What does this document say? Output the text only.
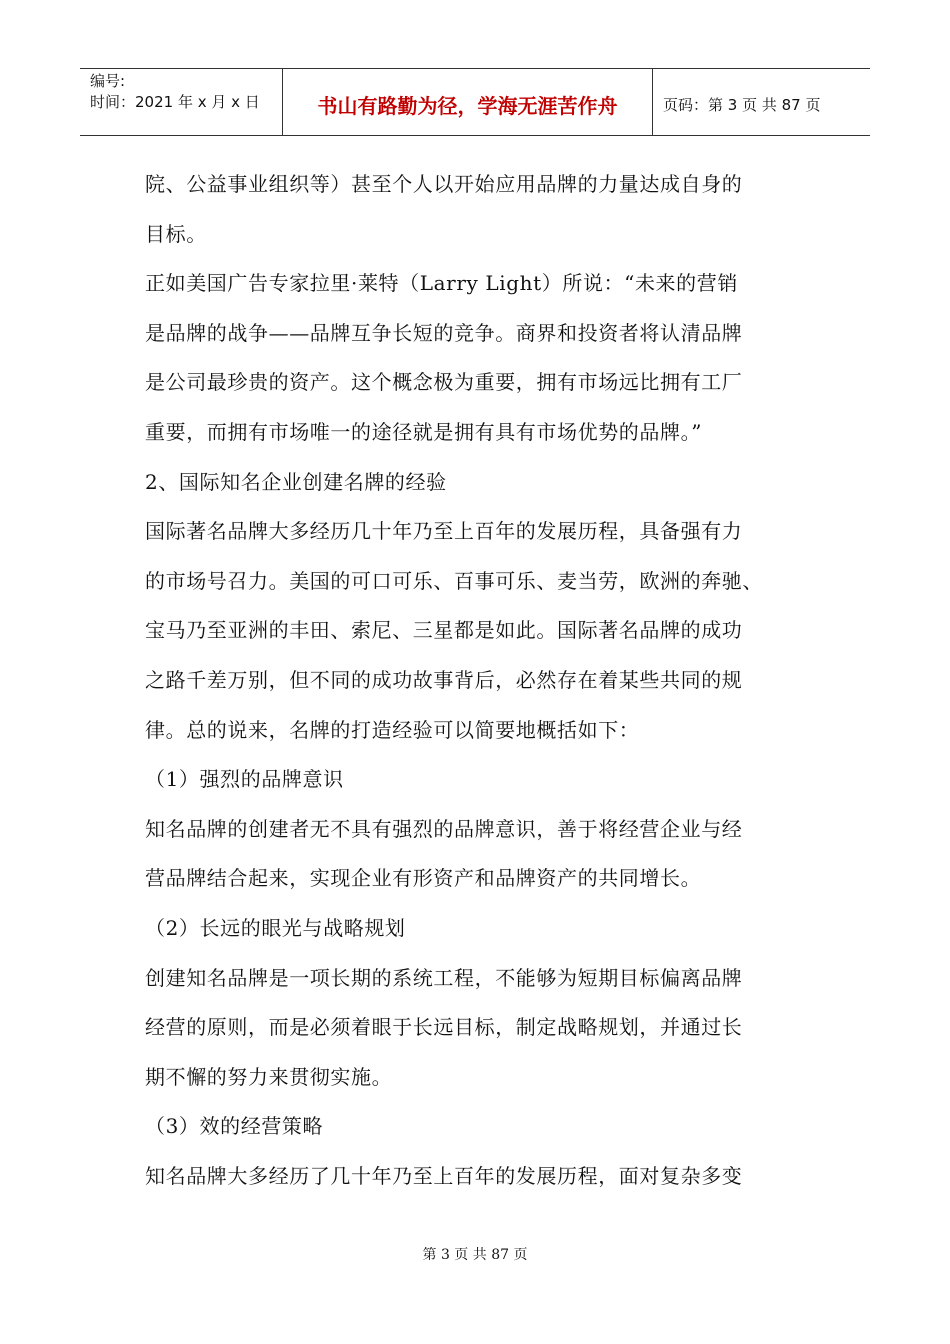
编号:
时间：2021 年 x 月 x 日	书山有路勤为径，学海无涯苦作舟	页码：第 3 页 共 87 页
院、公益事业组织等）甚至个人以开始应用品牌的力量达成自身的
目标。
正如美国广告专家拉里·莱特（Larry Light）所说：“未来的营销
是品牌的战争——品牌互争长短的竞争。商界和投资者将认清品牌
是公司最珍贵的资产。这个概念极为重要，拥有市场远比拥有工厂
重要，而拥有市场唯一的途径就是拥有具有市场优势的品牌。”
2、国际知名企业创建名牌的经验
国际著名品牌大多经历几十年乃至上百年的发展历程，具备强有力
的市场号召力。美国的可口可乐、百事可乐、麦当劳，欧洲的奔驰、
宝马乃至亚洲的丰田、索尼、三星都是如此。国际著名品牌的成功
之路千差万别，但不同的成功故事背后，必然存在着某些共同的规
律。总的说来，名牌的打造经验可以简要地概括如下：
（1）强烈的品牌意识
知名品牌的创建者无不具有强烈的品牌意识，善于将经营企业与经
营品牌结合起来，实现企业有形资产和品牌资产的共同增长。
（2）长远的眼光与战略规划
创建知名品牌是一项长期的系统工程，不能够为短期目标偏离品牌
经营的原则，而是必须着眼于长远目标，制定战略规划，并通过长
期不懈的努力来贯彻实施。
（3）效的经营策略
知名品牌大多经历了几十年乃至上百年的发展历程，面对复杂多变
第 3 页 共 87 页
